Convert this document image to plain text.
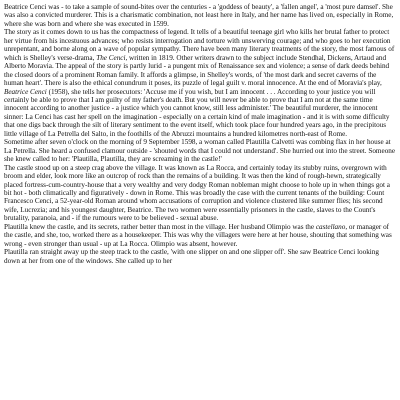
Beatrice Cenci was - to take a sample of sound-bites over the centuries - a 'goddess of beauty', a 'fallen angel', a 'most pure damsel'. She was also a convicted murderer. This is a charismatic combination, not least here in Italy, and her name has lived on, especially in Rome, where she was born and where she was executed in 1599.

The story as it comes down to us has the compactness of legend. It tells of a beautiful teenage girl who kills her brutal father to protect her virtue from his incestuous advances; who resists interrogation and torture with unswerving courage; and who goes to her execution unrepentant, and borne along on a wave of popular sympathy. There have been many literary treatments of the story, the most famous of which is Shelley's verse-drama, The Cenci, written in 1819. Other writers drawn to the subject include Stendhal, Dickens, Artaud and Alberto Moravia. The appeal of the story is partly lurid - a pungent mix of Renaissance sex and violence; a sense of dark deeds behind the closed doors of a prominent Roman family. It affords a glimpse, in Shelley's words, of 'the most dark and secret caverns of the human heart'. There is also the ethical conundrum it poses, its puzzle of legal guilt v. moral innocence. At the end of Moravia's play, Beatrice Cenci (1958), she tells her prosecutors: 'Accuse me if you wish, but I am innocent . . . According to your justice you will certainly be able to prove that I am guilty of my father's death. But you will never be able to prove that I am not at the same time innocent according to another justice - a justice which you cannot know, still less administer.' The beautiful murderer, the innocent sinner: La Cenci has cast her spell on the imagination - especially on a certain kind of male imagination - and it is with some difficulty that one digs back through the silt of literary sentiment to the event itself, which took place four hundred years ago, in the precipitous little village of La Petrella del Salto, in the foothills of the Abruzzi mountains a hundred kilometres north-east of Rome.

Sometime after seven o'clock on the morning of 9 September 1598, a woman called Plautilla Calvetti was combing flax in her house at La Petrella. She heard a confused clamour outside - 'shouted words that I could not understand'. She hurried out into the street. Someone she knew called to her: 'Plautilla, Plautilla, they are screaming in the castle!'

The castle stood up on a steep crag above the village. It was known as La Rocca, and certainly today its stubby ruins, overgrown with broom and elder, look more like an outcrop of rock than the remains of a building. It was then the kind of rough-hewn, strategically placed fortress-cum-country-house that a very wealthy and very dodgy Roman nobleman might choose to hole up in when things got a bit hot - both climatically and figuratively - down in Rome. This was broadly the case with the current tenants of the building: Count Francesco Cenci, a 52-year-old Roman around whom accusations of corruption and violence clustered like summer flies; his second wife, Lucrezia; and his youngest daughter, Beatrice. The two women were essentially prisoners in the castle, slaves to the Count's brutality, paranoia, and - if the rumours were to be believed - sexual abuse.

Plautilla knew the castle, and its secrets, rather better than most in the village. Her husband Olimpio was the castellano, or manager of the castle, and she, too, worked there as a housekeeper. This was why the villagers were here at her house, shouting that something was wrong - even stronger than usual - up at La Rocca. Olimpio was absent, however.

Plautilla ran straight away up the steep track to the castle, 'with one slipper on and one slipper off'. She saw Beatrice Cenci looking down at her from one of the windows. She called up to her
